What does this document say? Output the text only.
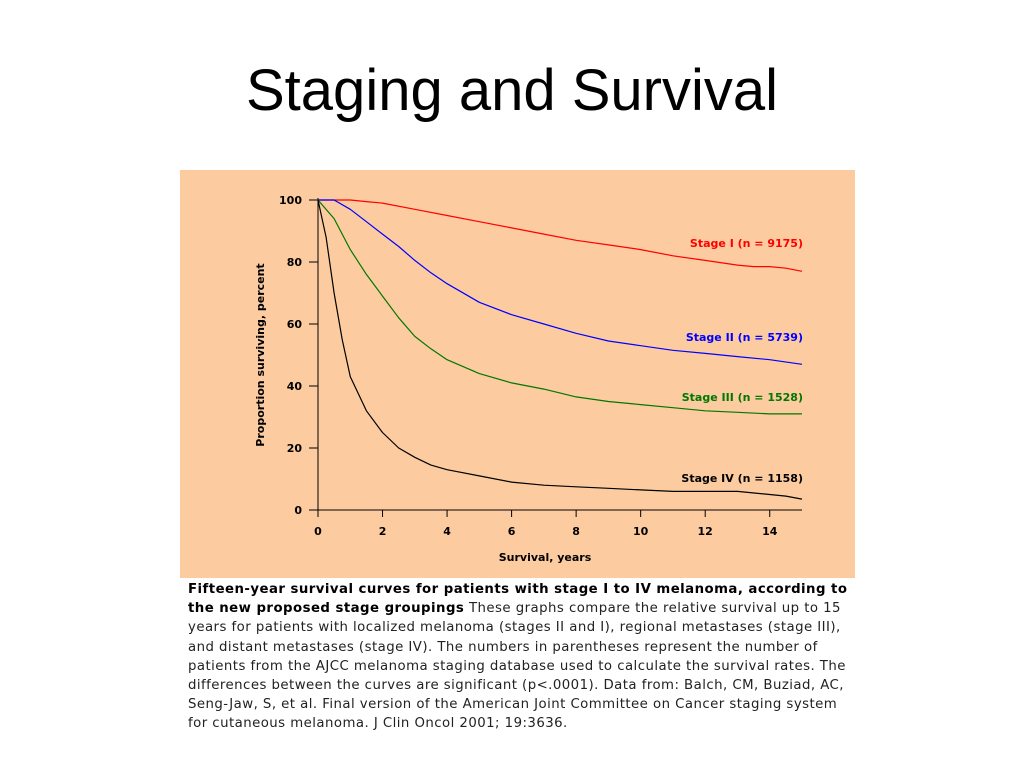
Staging and Survival
0
20
40
60
80
100
0	2	4	6	8	10	12	14
Stage I (n = 9175)
Stage II (n = 5739)
Stage III (n = 1528)
Stage IV (n = 1158)
Survival, years
Proportion surviving, percent
Fifteen-year survival curves for patients with stage I to IV melanoma, according to the new proposed stage groupings These graphs compare the relative survival up to 15 years for patients with localized melanoma (stages II and I), regional metastases (stage III), and distant metastases (stage IV). The numbers in parentheses represent the number of patients from the AJCC melanoma staging database used to calculate the survival rates. The differences between the curves are significant (p<.0001). Data from: Balch, CM, Buziad, AC, Seng-Jaw, S, et al. Final version of the American Joint Committee on Cancer staging system for cutaneous melanoma. J Clin Oncol 2001; 19:3636.
